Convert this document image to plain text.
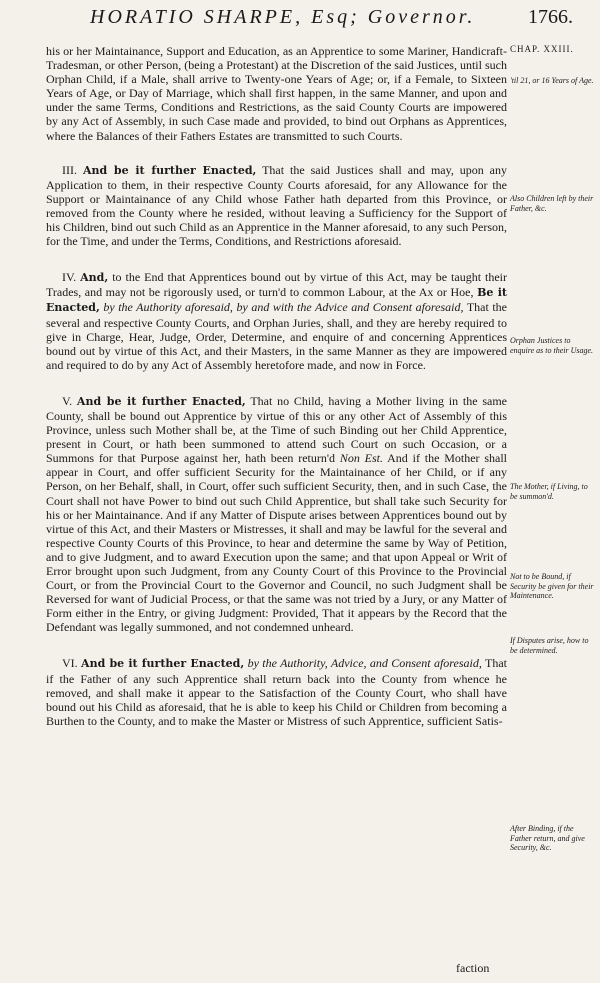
HORATIO SHARPE, Esq; Governor.	1766.

his or her Maintainance, Support and Education, as an Apprentice to some Mariner, Handicraft-Tradesman, or other Person, (being a Protestant) at the Discretion of the said Justices, until such Orphan Child, if a Male, shall arrive to Twenty-one Years of Age; or, if a Female, to Sixteen Years of Age, or Day of Marriage, which shall first happen, in the same Manner, and upon and under the same Terms, Conditions and Restrictions, as the said County Courts are impowered by any Act of Assembly, in such Case made and provided, to bind out Orphans as Apprentices, where the Balances of their Fathers Estates are transmitted to such Courts.

III. And be it further Enacted, That the said Justices shall and may, upon any Application to them, in their respective County Courts aforesaid, for any Allowance for the Support or Maintainance of any Child whose Father hath departed from this Province, or removed from the County where he resided, without leaving a Sufficiency for the Support of his Children, bind out such Child as an Apprentice in the Manner aforesaid, to any such Person, for the Time, and under the Terms, Conditions, and Restrictions aforesaid.

IV. And, to the End that Apprentices bound out by virtue of this Act, may be taught their Trades, and may not be rigorously used, or turn'd to common Labour, at the Ax or Hoe, Be it Enacted, by the Authority aforesaid, by and with the Advice and Consent aforesaid, That the several and respective County Courts, and Orphan Juries, shall, and they are hereby required to give in Charge, Hear, Judge, Order, Determine, and enquire of and concerning Apprentices bound out by virtue of this Act, and their Masters, in the same Manner as they are impowered and required to do by any Act of Assembly heretofore made, and now in Force.

V. And be it further Enacted, That no Child, having a Mother living in the same County, shall be bound out Apprentice by virtue of this or any other Act of Assembly of this Province, unless such Mother shall be, at the Time of such Binding out her Child Apprentice, present in Court, or hath been summoned to attend such Court on such Occasion, or a Summons for that Purpose against her, hath been return'd Non Est. And if the Mother shall appear in Court, and offer sufficient Security for the Maintainance of her Child, or if any Person, on her Behalf, shall, in Court, offer such sufficient Security, then, and in such Case, the Court shall not have Power to bind out such Child Apprentice, but shall take such Security for his or her Maintainance. And if any Matter of Dispute arises between Apprentices bound out by virtue of this Act, and their Masters or Mistresses, it shall and may be lawful for the several and respective County Courts of this Province, to hear and determine the same by Way of Petition, and to give Judgment, and to award Execution upon the same; and that upon Appeal or Writ of Error brought upon such Judgment, from any County Court of this Province to the Provincial Court, or from the Provincial Court to the Governor and Council, no such Judgment shall be Reversed for want of Judicial Process, or that the same was not tried by a Jury, or any Matter of Form either in the Entry, or giving Judgment: Provided, That it appears by the Record that the Defendant was legally summoned, and not condemned unheard.

VI. And be it further Enacted, by the Authority, Advice, and Consent aforesaid, That if the Father of any such Apprentice shall return back into the County from whence he removed, and shall make it appear to the Satisfaction of the County Court, who shall have bound out his Child as aforesaid, that he is able to keep his Child or Children from becoming a Burthen to the County, and to make the Master or Mistress of such Apprentice, sufficient Satis-

CHAP. XXIII.
'til 21, or 16 Years of Age.
Also Children left by their Father, &c.
Orphan Justices to enquire as to their Usage.
The Mother, if Living, to be summon'd.
Not to be Bound, if Security be given for their Maintenance.
If Disputes arise, how to be determined.
After Binding, if the Father return, and give Security, &c.
faction
